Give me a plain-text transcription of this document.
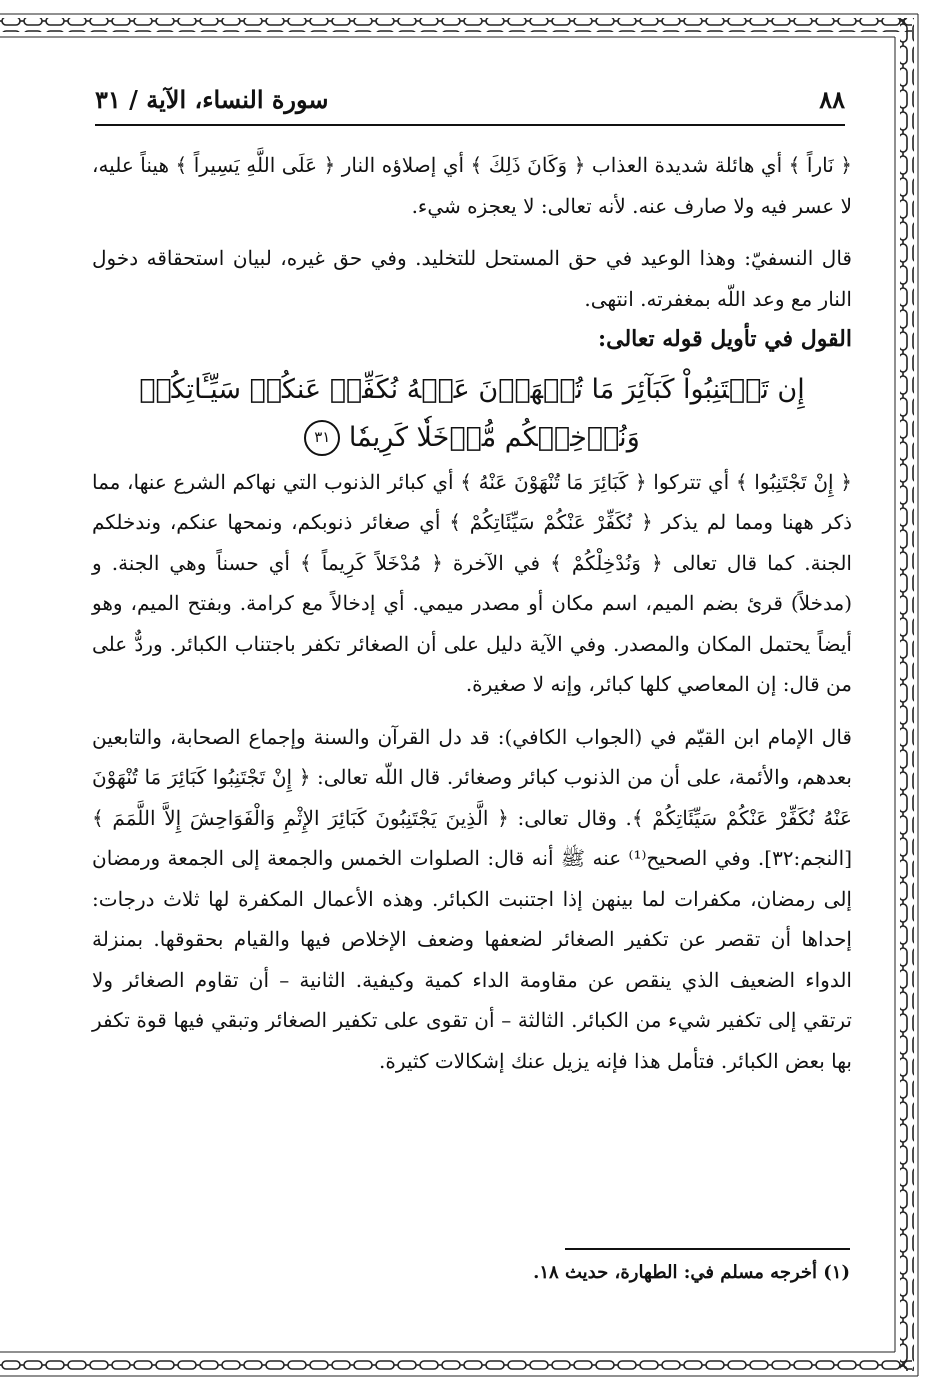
٨٨
سورة النساء، الآية / ٣١

﴿ نَاراً ﴾ أي هائلة شديدة العذاب ﴿ وَكَانَ ذَلِكَ ﴾ أي إصلاؤه النار ﴿ عَلَى اللَّهِ يَسِيراً ﴾ هيناً عليه، لا عسر فيه ولا صارف عنه. لأنه تعالى: لا يعجزه شيء.

قال النسفيّ: وهذا الوعيد في حق المستحل للتخليد. وفي حق غيره، لبيان استحقاقه دخول النار مع وعد اللّه بمغفرته. انتهى.

القول في تأويل قوله تعالى:

إِن تَجۡتَنِبُواْ كَبَآئِرَ مَا تُنۡهَوۡنَ عَنۡهُ نُكَفِّرۡ عَنكُمۡ سَيِّـَٔاتِكُمۡ
وَنُدۡخِلۡكُم مُّدۡخَلٗا كَرِيمٗا ٣١

﴿ إِنْ تَجْتَنِبُوا ﴾ أي تتركوا ﴿ كَبَائِرَ مَا تُنْهَوْنَ عَنْهُ ﴾ أي كبائر الذنوب التي نهاكم الشرع عنها، مما ذكر ههنا ومما لم يذكر ﴿ نُكَفِّرْ عَنْكُمْ سَيِّئَاتِكُمْ ﴾ أي صغائر ذنوبكم، ونمحها عنكم، وندخلكم الجنة. كما قال تعالى ﴿ وَنُدْخِلْكُمْ ﴾ في الآخرة ﴿ مُدْخَلاً كَرِيماً ﴾ أي حسناً وهي الجنة. و (مدخلاً) قرئ بضم الميم، اسم مكان أو مصدر ميمي. أي إدخالاً مع كرامة. وبفتح الميم، وهو أيضاً يحتمل المكان والمصدر. وفي الآية دليل على أن الصغائر تكفر باجتناب الكبائر. وردٌّ على من قال: إن المعاصي كلها كبائر، وإنه لا صغيرة.

قال الإمام ابن القيّم في (الجواب الكافي): قد دل القرآن والسنة وإجماع الصحابة، والتابعين بعدهم، والأئمة، على أن من الذنوب كبائر وصغائر. قال اللّه تعالى: ﴿ إِنْ تَجْتَنِبُوا كَبَائِرَ مَا تُنْهَوْنَ عَنْهُ نُكَفِّرْ عَنْكُمْ سَيِّئَاتِكُمْ ﴾. وقال تعالى: ﴿ الَّذِينَ يَجْتَنِبُونَ كَبَائِرَ الإِثْمِ وَالْفَوَاحِشَ إِلاَّ اللَّمَمَ ﴾ [النجم:٣٢]. وفي الصحيح⁽¹⁾ عنه ﷺ أنه قال: الصلوات الخمس والجمعة إلى الجمعة ورمضان إلى رمضان، مكفرات لما بينهن إذا اجتنبت الكبائر. وهذه الأعمال المكفرة لها ثلاث درجات: إحداها أن تقصر عن تكفير الصغائر لضعفها وضعف الإخلاص فيها والقيام بحقوقها. بمنزلة الدواء الضعيف الذي ينقص عن مقاومة الداء كمية وكيفية. الثانية – أن تقاوم الصغائر ولا ترتقي إلى تكفير شيء من الكبائر. الثالثة – أن تقوى على تكفير الصغائر وتبقي فيها قوة تكفر بها بعض الكبائر. فتأمل هذا فإنه يزيل عنك إشكالات كثيرة.

(١) أخرجه مسلم في: الطهارة، حديث ١٨.
